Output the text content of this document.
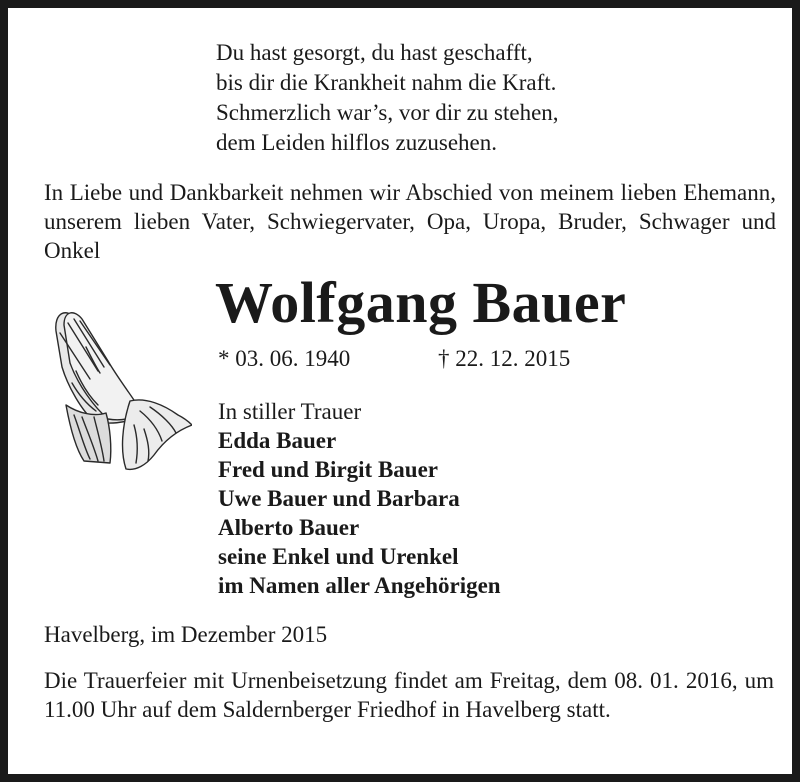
Du hast gesorgt, du hast geschafft,
bis dir die Krankheit nahm die Kraft.
Schmerzlich war’s, vor dir zu stehen,
dem Leiden hilflos zuzusehen.
In Liebe und Dankbarkeit nehmen wir Abschied von meinem lieben Ehemann, unserem lieben Vater, Schwiegervater, Opa, Uropa, Bruder, Schwager und Onkel
Wolfgang Bauer
* 03. 06. 1940	† 22. 12. 2015
In stiller Trauer
Edda Bauer
Fred und Birgit Bauer
Uwe Bauer und Barbara
Alberto Bauer
seine Enkel und Urenkel
im Namen aller Angehörigen
Havelberg, im Dezember 2015
Die Trauerfeier mit Urnenbeisetzung findet am Freitag, dem 08. 01. 2016, um 11.00 Uhr auf dem Saldernberger Friedhof in Havelberg statt.
